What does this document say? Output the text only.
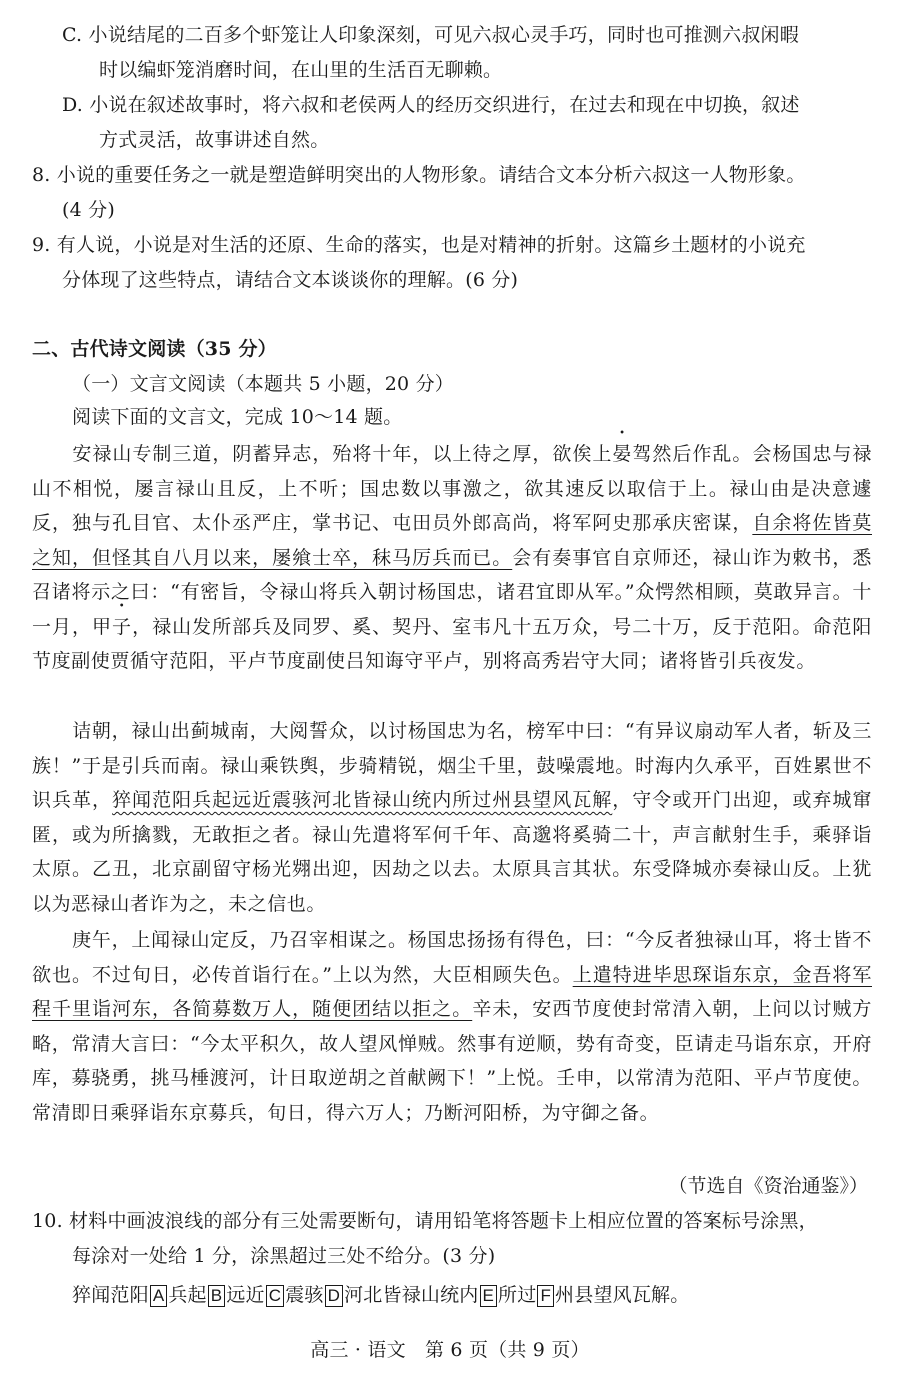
C. 小说结尾的二百多个虾笼让人印象深刻，可见六叔心灵手巧，同时也可推测六叔闲暇
时以编虾笼消磨时间，在山里的生活百无聊赖。
D. 小说在叙述故事时，将六叔和老侯两人的经历交织进行，在过去和现在中切换，叙述
方式灵活，故事讲述自然。
8. 小说的重要任务之一就是塑造鲜明突出的人物形象。请结合文本分析六叔这一人物形象。
(4 分)
9. 有人说，小说是对生活的还原、生命的落实，也是对精神的折射。这篇乡土题材的小说充
分体现了这些特点，请结合文本谈谈你的理解。(6 分)
二、古代诗文阅读（35 分）
（一）文言文阅读（本题共 5 小题，20 分）
阅读下面的文言文，完成 10～14 题。
安禄山专制三道，阴蓄异志，殆将十年，以上待之厚，欲俟上晏驾然后作乱。会杨国忠与禄山不相悦，屡言禄山且反，上不听；国忠数以事激之，欲其速反以取信于上。禄山由是决意遽反，独与孔目官、太仆丞严庄，掌书记、屯田员外郎高尚，将军阿史那承庆密谋，自余将佐皆莫之知，但怪其自八月以来，屡飨士卒，秣马厉兵而已。会有奏事官自京师还，禄山诈为敕书，悉召诸将示之曰：“有密旨，令禄山将兵入朝讨杨国忠，诸君宜即从军。”众愕然相顾，莫敢异言。十一月，甲子，禄山发所部兵及同罗、奚、契丹、室韦凡十五万众，号二十万，反于范阳。命范阳节度副使贾循守范阳，平卢节度副使吕知诲守平卢，别将高秀岩守大同；诸将皆引兵夜发。
诘朝，禄山出蓟城南，大阅誓众，以讨杨国忠为名，榜军中曰：“有异议扇动军人者，斩及三族！”于是引兵而南。禄山乘铁舆，步骑精锐，烟尘千里，鼓噪震地。时海内久承平，百姓累世不识兵革，猝闻范阳兵起远近震骇河北皆禄山统内所过州县望风瓦解，守令或开门出迎，或弃城窜匿，或为所擒戮，无敢拒之者。禄山先遣将军何千年、高邈将奚骑二十，声言献射生手，乘驿诣太原。乙丑，北京副留守杨光翙出迎，因劫之以去。太原具言其状。东受降城亦奏禄山反。上犹以为恶禄山者诈为之，未之信也。
庚午，上闻禄山定反，乃召宰相谋之。杨国忠扬扬有得色，曰：“今反者独禄山耳，将士皆不欲也。不过旬日，必传首诣行在。”上以为然，大臣相顾失色。上遣特进毕思琛诣东京，金吾将军程千里诣河东，各简募数万人，随便团结以拒之。辛未，安西节度使封常清入朝，上问以讨贼方略，常清大言曰：“今太平积久，故人望风惮贼。然事有逆顺，势有奇变，臣请走马诣东京，开府库，募骁勇，挑马棰渡河，计日取逆胡之首献阙下！”上悦。壬申，以常清为范阳、平卢节度使。常清即日乘驿诣东京募兵，旬日，得六万人；乃断河阳桥，为守御之备。
（节选自《资治通鉴》）
10. 材料中画波浪线的部分有三处需要断句，请用铅笔将答题卡上相应位置的答案标号涂黑，
每涂对一处给 1 分，涂黑超过三处不给分。(3 分)
猝闻范阳 A 兵起 B 远近 C 震骇 D 河北皆禄山统内 E 所过 F 州县望风瓦解。
高三 · 语文　第 6 页（共 9 页）
